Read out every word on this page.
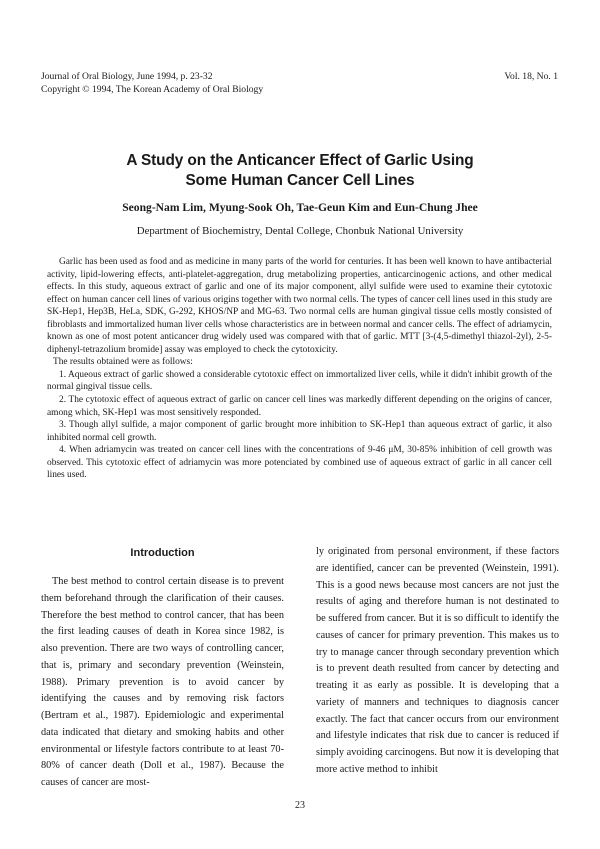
Journal of Oral Biology, June 1994, p. 23-32	Vol. 18, No. 1
Copyright © 1994, The Korean Academy of Oral Biology
A Study on the Anticancer Effect of Garlic Using
Some Human Cancer Cell Lines
Seong-Nam Lim, Myung-Sook Oh, Tae-Geun Kim and Eun-Chung Jhee
Department of Biochemistry, Dental College, Chonbuk National University

Garlic has been used as food and as medicine in many parts of the world for centuries. It has been well known to have antibacterial activity, lipid-lowering effects, anti-platelet-aggregation, drug metabolizing properties, anticarcinogenic actions, and other medical effects. In this study, aqueous extract of garlic and one of its major component, allyl sulfide were used to examine their cytotoxic effect on human cancer cell lines of various origins together with two normal cells. The types of cancer cell lines used in this study are SK-Hep1, Hep3B, HeLa, SDK, G-292, KHOS/NP and MG-63. Two normal cells are human gingival tissue cells mostly consisted of fibroblasts and immortalized human liver cells whose characteristics are in between normal and cancer cells. The effect of adriamycin, known as one of most potent anticancer drug widely used was compared with that of garlic. MTT [3-(4,5-dimethyl thiazol-2yl), 2-5-diphenyl-tetrazolium bromide] assay was employed to check the cytotoxicity.

The results obtained were as follows:

1. Aqueous extract of garlic showed a considerable cytotoxic effect on immortalized liver cells, while it didn't inhibit growth of the normal gingival tissue cells.

2. The cytotoxic effect of aqueous extract of garlic on cancer cell lines was markedly different depending on the origins of cancer, among which, SK-Hep1 was most sensitively responded.

3. Though allyl sulfide, a major component of garlic brought more inhibition to SK-Hep1 than aqueous extract of garlic, it also inhibited normal cell growth.

4. When adriamycin was treated on cancer cell lines with the concentrations of 9-46 μM, 30-85% inhibition of cell growth was observed. This cytotoxic effect of adriamycin was more potenciated by combined use of aqueous extract of garlic in all cancer cell lines used.

Introduction

The best method to control certain disease is to prevent them beforehand through the clarification of their causes. Therefore the best method to control cancer, that has been the first leading causes of death in Korea since 1982, is also prevention. There are two ways of controlling cancer, that is, primary and secondary prevention (Weinstein, 1988). Primary prevention is to avoid cancer by identifying the causes and by removing risk factors (Bertram et al., 1987). Epidemiologic and experimental data indicated that dietary and smoking habits and other environmental or lifestyle factors contribute to at least 70-80% of cancer death (Doll et al., 1987). Because the causes of cancer are most-

ly originated from personal environment, if these factors are identified, cancer can be prevented (Weinstein, 1991). This is a good news because most cancers are not just the results of aging and therefore human is not destinated to be suffered from cancer. But it is so difficult to identify the causes of cancer for primary prevention. This makes us to try to manage cancer through secondary prevention which is to prevent death resulted from cancer by detecting and treating it as early as possible. It is developing that a variety of manners and techniques to diagnosis cancer exactly. The fact that cancer occurs from our environment and lifestyle indicates that risk due to cancer is reduced if simply avoiding carcinogens. But now it is developing that more active method to inhibit

23
